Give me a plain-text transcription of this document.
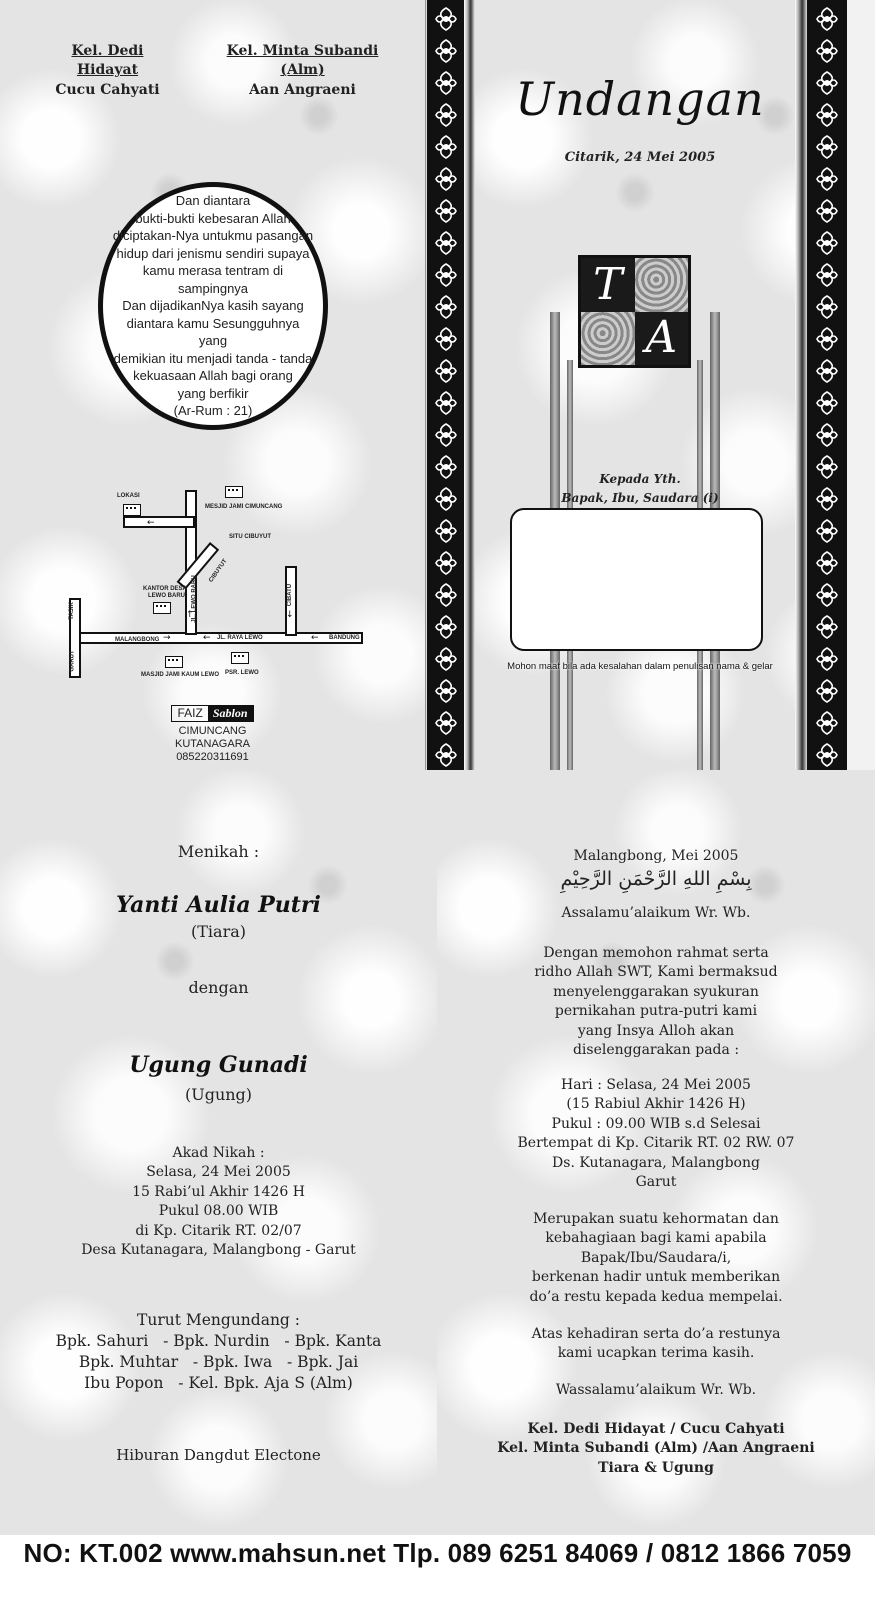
Kel. Dedi Hidayat
Cucu Cahyati
Kel. Minta Subandi (Alm)
Aan Angraeni
Dan diantara
bukti-bukti kebesaran Allah
diciptakan-Nya untukmu pasangan
hidup dari jenismu sendiri supaya
kamu merasa tentram di sampingnya
Dan dijadikanNya kasih sayang
diantara kamu Sesungguhnya yang
demikian itu menjadi tanda - tanda
kekuasaan Allah bagi orang
yang berfikir
(Ar-Rum : 21)
LOKASI
MESJID JAMI CIMUNCANG
SITU CIBUYUT
CIBUYUT
KANTOR DESA
LEWO BARU JL. LEWO BARU	CIBATU
TASIK
GARUT
MALANGBONG	JL. RAYA LEWO	BANDUNG
MASJID JAMI KAUM LEWO PSR. LEWO
←
→	←	←
↑	↓
FAIZ Sablon
CIMUNCANG KUTANAGARA
085220311691
Undangan
Citarik, 24 Mei 2005
T
A
Kepada Yth.
Bapak, Ibu, Saudara (i)
Mohon maaf bila ada kesalahan dalam penulisan nama & gelar
Menikah :
Yanti Aulia Putri
(Tiara)
dengan
Ugung Gunadi
(Ugung)
Akad Nikah :
Selasa, 24 Mei 2005
15 Rabi’ul Akhir 1426 H
Pukul 08.00 WIB
di Kp. Citarik RT. 02/07
Desa Kutanagara, Malangbong - Garut
Turut Mengundang :
Bpk. Sahuri   - Bpk. Nurdin   - Bpk. Kanta
Bpk. Muhtar   - Bpk. Iwa   - Bpk. Jai
Ibu Popon   - Kel. Bpk. Aja S (Alm)
Hiburan Dangdut Electone
Malangbong, Mei 2005
بِسْمِ اللهِ الرَّحْمَنِ الرَّحِيْمِ
Assalamu’alaikum Wr. Wb.
Dengan memohon rahmat serta
ridho Allah SWT, Kami bermaksud
menyelenggarakan syukuran
pernikahan putra-putri kami
yang Insya Alloh akan
diselenggarakan pada :
Hari : Selasa, 24 Mei 2005
(15 Rabiul Akhir 1426 H)
Pukul : 09.00 WIB s.d Selesai
Bertempat di Kp. Citarik RT. 02 RW. 07
Ds. Kutanagara, Malangbong
Garut
Merupakan suatu kehormatan dan
kebahagiaan bagi kami apabila
Bapak/Ibu/Saudara/i,
berkenan hadir untuk memberikan
do’a restu kepada kedua mempelai.
Atas kehadiran serta do’a restunya
kami ucapkan terima kasih.
Wassalamu’alaikum Wr. Wb.
Kel. Dedi Hidayat / Cucu Cahyati
Kel. Minta Subandi (Alm) /Aan Angraeni
Tiara & Ugung
NO: KT.002 www.mahsun.net Tlp. 089 6251 84069 / 0812 1866 7059
